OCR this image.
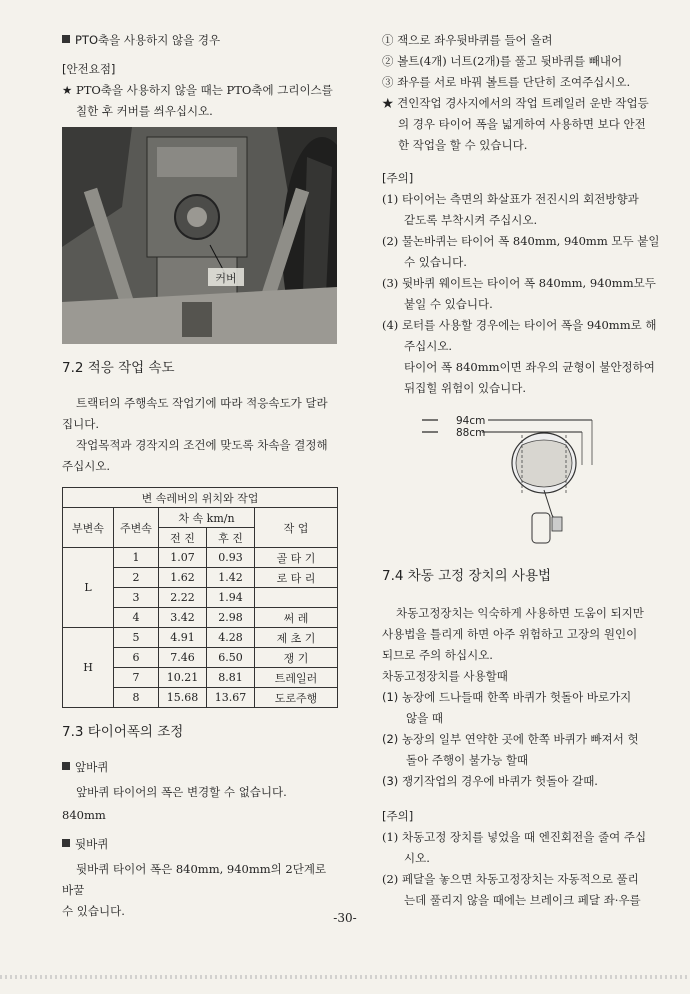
PTO축을 사용하지 않을 경우

[안전요점]

★ PTO축을 사용하지 않을 때는 PTO축에 그리이스를

칠한 후 커버를 씌우십시오.

커버

7.2 적응 작업 속도

트랙터의 주행속도 작업기에 따라 적응속도가 달라

집니다.

작업목적과 경작지의 조건에 맞도록 차속을 결정해

주십시오.

변 속레버의 위치와 작업				
부변속	주변속	차 속 km/n		작 업
		전 진	후 진	
L	1	1.07	0.93	골 타 기
	2	1.62	1.42	로 타 리
	3	2.22	1.94	
	4	3.42	2.98	써 레
H	5	4.91	4.28	제 초 기
	6	7.46	6.50	쟁 기
	7	10.21	8.81	트레일러
	8	15.68	13.67	도로주행

7.3 타이어폭의 조정

앞바퀴

앞바퀴 타이어의 폭은 변경할 수 없습니다.

840mm

뒷바퀴

뒷바퀴 타이어 폭은 840mm, 940mm의 2단계로 바꿀

수 있습니다.

① 잭으로 좌우뒷바퀴를 들어 올려

② 볼트(4개) 너트(2개)를 풀고 뒷바퀴를 빼내어

③ 좌우를 서로 바꿔 볼트를 단단히 조여주십시오.

★ 견인작업 경사지에서의 작업 트레일러 운반 작업등

의 경우 타이어 폭을 넓게하여 사용하면 보다 안전

한 작업을 할 수 있습니다.

[주의]

(1) 타이어는 측면의 화살표가 전진시의 회전방향과

같도록 부착시켜 주십시오.

(2) 물논바퀴는 타이어 폭 840mm, 940mm 모두 붙일

수 있습니다.

(3) 뒷바퀴 웨이트는 타이어 폭 840mm, 940mm모두

붙일 수 있습니다.

(4) 로터를 사용할 경우에는 타이어 폭을 940mm로 해

주십시오.

타이어 폭 840mm이면 좌우의 균형이 불안정하여

뒤집힐 위험이 있습니다.

94cm
88cm

7.4 차동 고정 장치의 사용법

차동고정장치는 익숙하게 사용하면 도움이 되지만

사용법을 틀리게 하면 아주 위험하고 고장의 원인이

되므로 주의 하십시오.

차동고정장치를 사용할때

(1) 농장에 드나들때 한쪽 바퀴가 헛돌아 바로가지

않을 때

(2) 농장의 일부 연약한 곳에 한쪽 바퀴가 빠져서 헛

돌아 주행이 불가능 할때

(3) 쟁기작업의 경우에 바퀴가 헛돌아 갈때.

[주의]

(1) 차동고정 장치를 넣었을 때 엔진회전을 줄여 주십

시오.

(2) 페달을 놓으면 차동고정장치는 자동적으로 풀리

는데 풀리지 않을 때에는 브레이크 페달 좌·우를

-30-
